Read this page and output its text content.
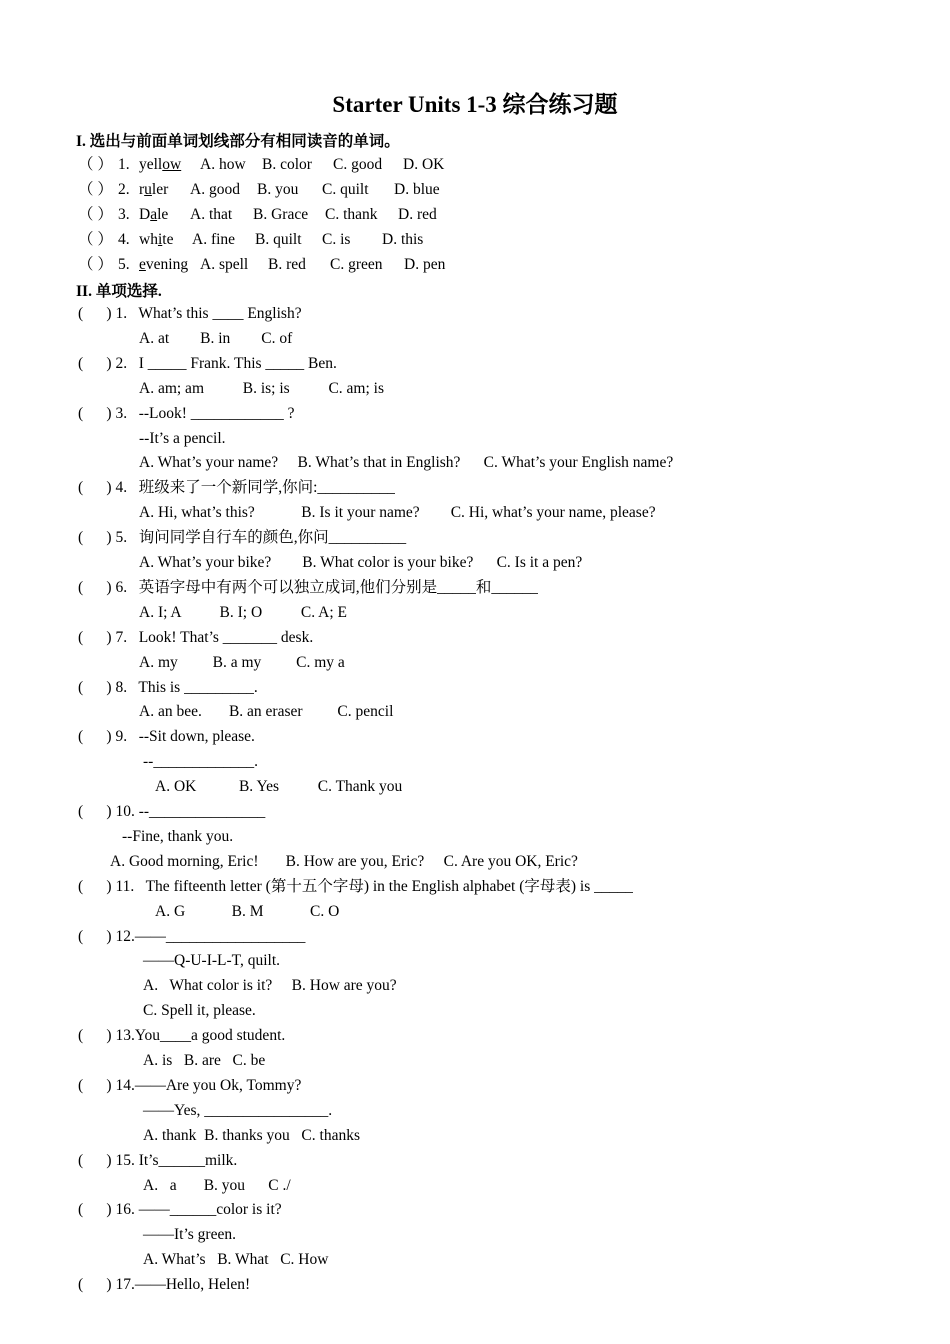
Starter Units 1-3 综合练习题
I. 选出与前面单词划线部分有相同读音的单词。
（ ） 1. yellow A. how B. color C. good D. OK
（ ） 2. ruler A. good B. you C. quilt D. blue
（ ） 3. Dale A. that B. Grace C. thank D. red
（ ） 4. white A. fine B. quilt C. is D. this
（ ） 5. evening A. spell B. red C. green D. pen
II. 单项选择.
(      ) 1.   What’s this ____ English?
A. at        B. in        C. of
(      ) 2.   I _____ Frank. This _____ Ben.
A. am; am          B. is; is          C. am; is
(      ) 3.   --Look! ____________ ?
--It’s a pencil.
A. What’s your name?     B. What’s that in English?      C. What’s your English name?
(      ) 4.   班级来了一个新同学,你问:__________
A. Hi, what’s this?            B. Is it your name?        C. Hi, what’s your name, please?
(      ) 5.   询问同学自行车的颜色,你问__________
A. What’s your bike?        B. What color is your bike?      C. Is it a pen?
(      ) 6.   英语字母中有两个可以独立成词,他们分别是_____和______
A. I; A          B. I; O          C. A; E
(      ) 7.   Look! That’s _______ desk.
A. my         B. a my         C. my a
(      ) 8.   This is _________.
A. an bee.       B. an eraser         C. pencil
(      ) 9.   --Sit down, please.
--_____________.
A. OK           B. Yes          C. Thank you
(      ) 10. --_______________
--Fine, thank you.
A. Good morning, Eric!       B. How are you, Eric?     C. Are you OK, Eric?
(      ) 11.   The fifteenth letter (第十五个字母) in the English alphabet (字母表) is _____
A. G            B. M            C. O
(      ) 12.——__________________
——Q-U-I-L-T, quilt.
A.   What color is it?     B. How are you?
C. Spell it, please.
(      ) 13.You____a good student.
A. is   B. are   C. be
(      ) 14.——Are you Ok, Tommy?
——Yes, ________________.
A. thank  B. thanks you   C. thanks
(      ) 15. It’s______milk.
A.   a       B. you      C ./
(      ) 16. ——______color is it?
——It’s green.
A. What’s   B. What   C. How
(      ) 17.——Hello, Helen!
